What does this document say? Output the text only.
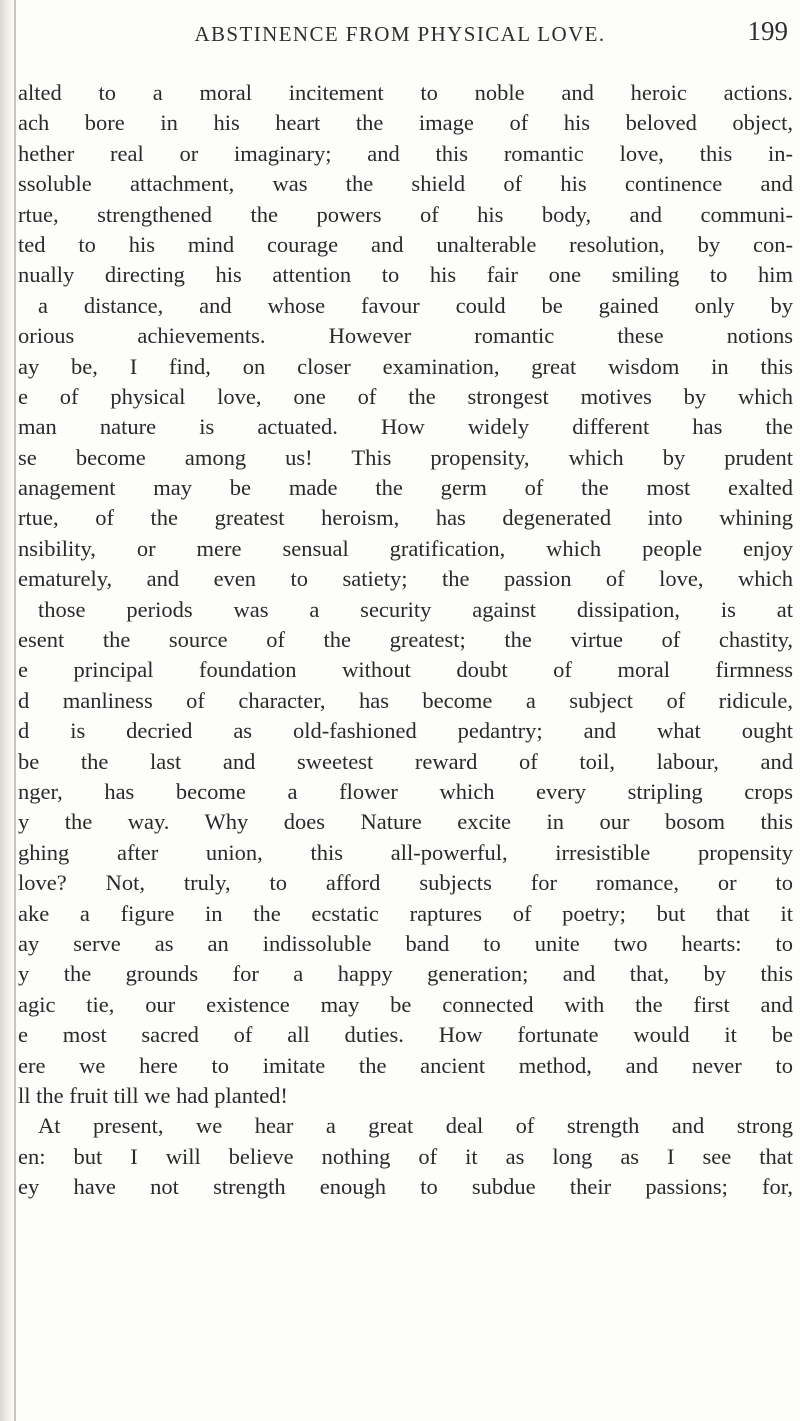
ABSTINENCE FROM PHYSICAL LOVE.	199
alted to a moral incitement to noble and heroic actions.
ach bore in his heart the image of his beloved object,
hether real or imaginary; and this romantic love, this in-
ssoluble attachment, was the shield of his continence and
rtue, strengthened the powers of his body, and communi-
ted to his mind courage and unalterable resolution, by con-
nually directing his attention to his fair one smiling to him
a distance, and whose favour could be gained only by
orious achievements. However romantic these notions
ay be, I find, on closer examination, great wisdom in this
e of physical love, one of the strongest motives by which
man nature is actuated. How widely different has the
se become among us! This propensity, which by prudent
anagement may be made the germ of the most exalted
rtue, of the greatest heroism, has degenerated into whining
nsibility, or mere sensual gratification, which people enjoy
ematurely, and even to satiety; the passion of love, which
those periods was a security against dissipation, is at
esent the source of the greatest; the virtue of chastity,
e principal foundation without doubt of moral firmness
d manliness of character, has become a subject of ridicule,
d is decried as old-fashioned pedantry; and what ought
be the last and sweetest reward of toil, labour, and
nger, has become a flower which every stripling crops
y the way. Why does Nature excite in our bosom this
ghing after union, this all-powerful, irresistible propensity
love? Not, truly, to afford subjects for romance, or to
ake a figure in the ecstatic raptures of poetry; but that it
ay serve as an indissoluble band to unite two hearts: to
y the grounds for a happy generation; and that, by this
agic tie, our existence may be connected with the first and
e most sacred of all duties. How fortunate would it be
ere we here to imitate the ancient method, and never to
ll the fruit till we had planted!
At present, we hear a great deal of strength and strong
en: but I will believe nothing of it as long as I see that
ey have not strength enough to subdue their passions; for,
